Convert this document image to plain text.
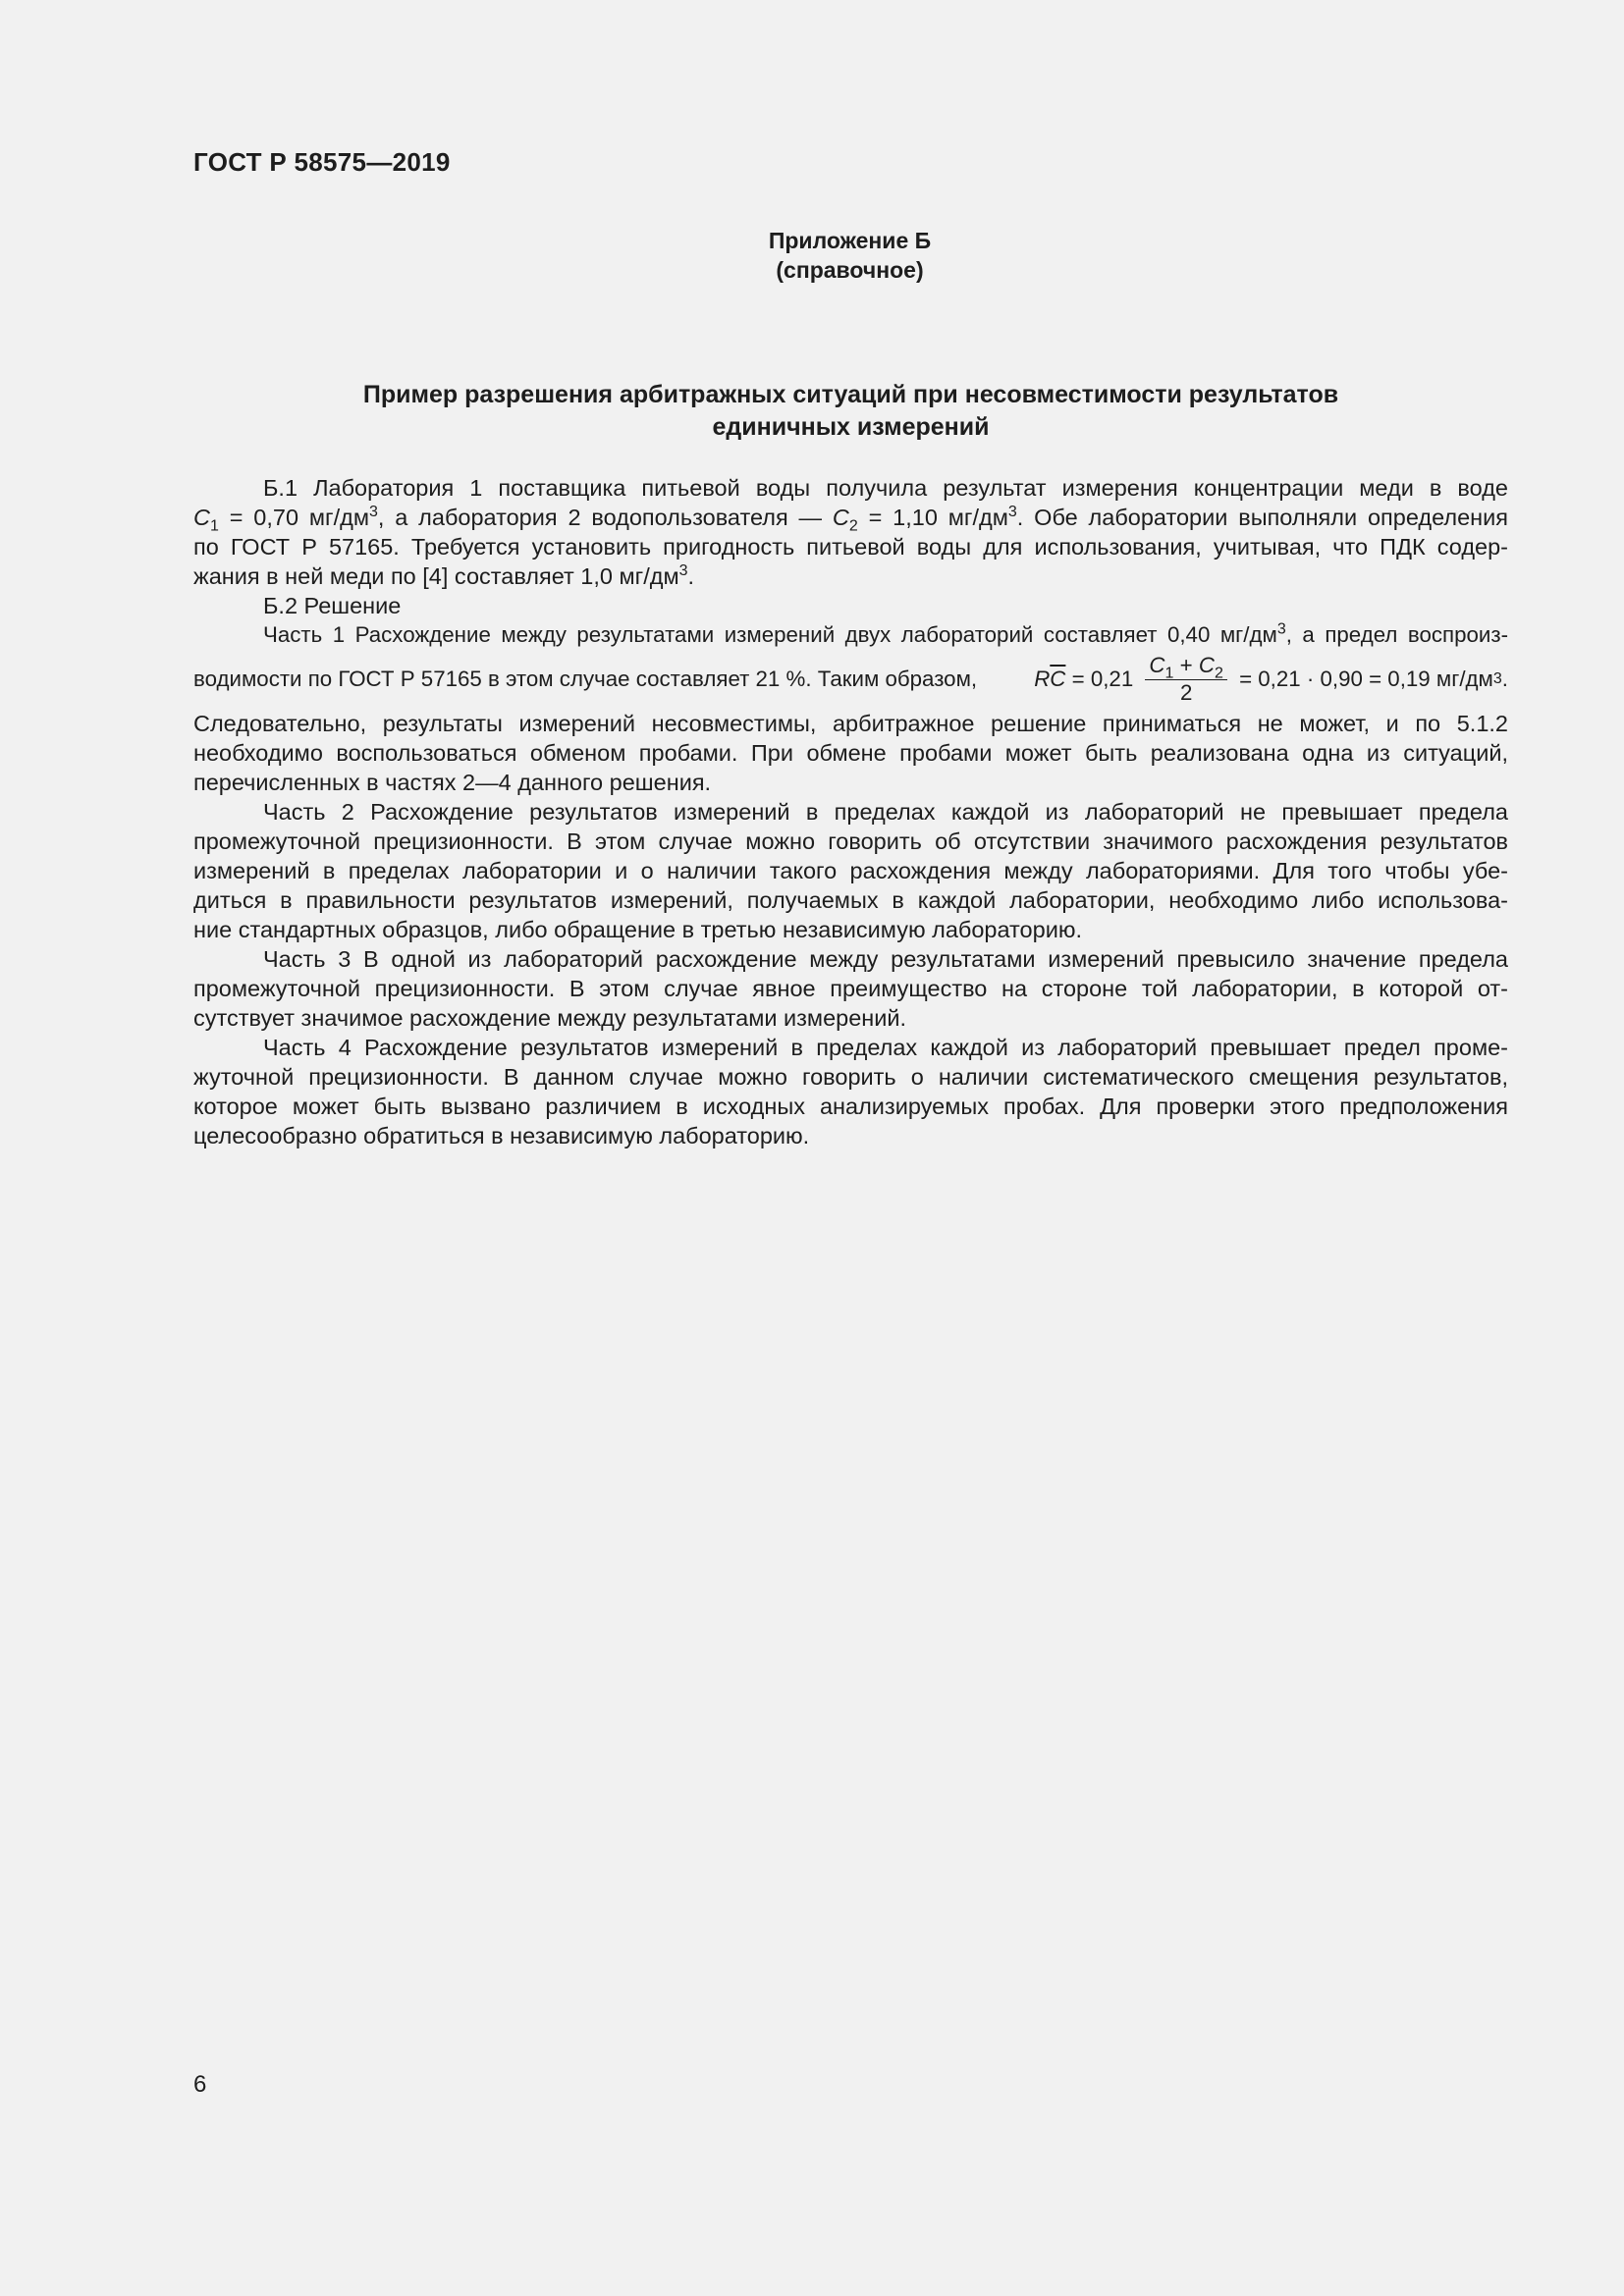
ГОСТ Р 58575—2019
Приложение Б
(справочное)
Пример разрешения арбитражных ситуаций при несовместимости результатов
единичных измерений
Б.1 Лаборатория 1 поставщика питьевой воды получила результат измерения концентрации меди в воде
$C_1 = 0,70$ $мг/дм^3$, а лаборатория 2 водопользователя — $C_2 = 1,10$ $мг/дм^3$. Обе лаборатории выполняли определения
по ГОСТ Р 57165. Требуется установить пригодность питьевой воды для использования, учитывая, что ПДК содер-
жания в ней меди по [4] составляет 1,0 $мг/дм^3$.
Б.2 Решение
Часть 1 Расхождение между результатами измерений двух лабораторий составляет 0,40 $мг/дм^3$, а предел воспроиз-
водимости по ГОСТ Р 57165 в этом случае составляет 21 %. Таким образом,	R $\overline{C} = 0,21 \frac{C_1 + C_2}{2} = 0,21 \cdot 0,90 = 0,19$ мг/дм 3 .
Следовательно, результаты измерений несовместимы, арбитражное решение приниматься не может, и по 5.1.2
необходимо воспользоваться обменом пробами. При обмене пробами может быть реализована одна из ситуаций,
перечисленных в частях 2—4 данного решения.
Часть 2 Расхождение результатов измерений в пределах каждой из лабораторий не превышает предела
промежуточной прецизионности. В этом случае можно говорить об отсутствии значимого расхождения результатов
измерений в пределах лаборатории и о наличии такого расхождения между лабораториями. Для того чтобы убе-
диться в правильности результатов измерений, получаемых в каждой лаборатории, необходимо либо использова-
ние стандартных образцов, либо обращение в третью независимую лабораторию.
Часть 3 В одной из лабораторий расхождение между результатами измерений превысило значение предела
промежуточной прецизионности. В этом случае явное преимущество на стороне той лаборатории, в которой от-
сутствует значимое расхождение между результатами измерений.
Часть 4 Расхождение результатов измерений в пределах каждой из лабораторий превышает предел проме-
жуточной прецизионности. В данном случае можно говорить о наличии систематического смещения результатов,
которое может быть вызвано различием в исходных анализируемых пробах. Для проверки этого предположения
целесообразно обратиться в независимую лабораторию.
6
